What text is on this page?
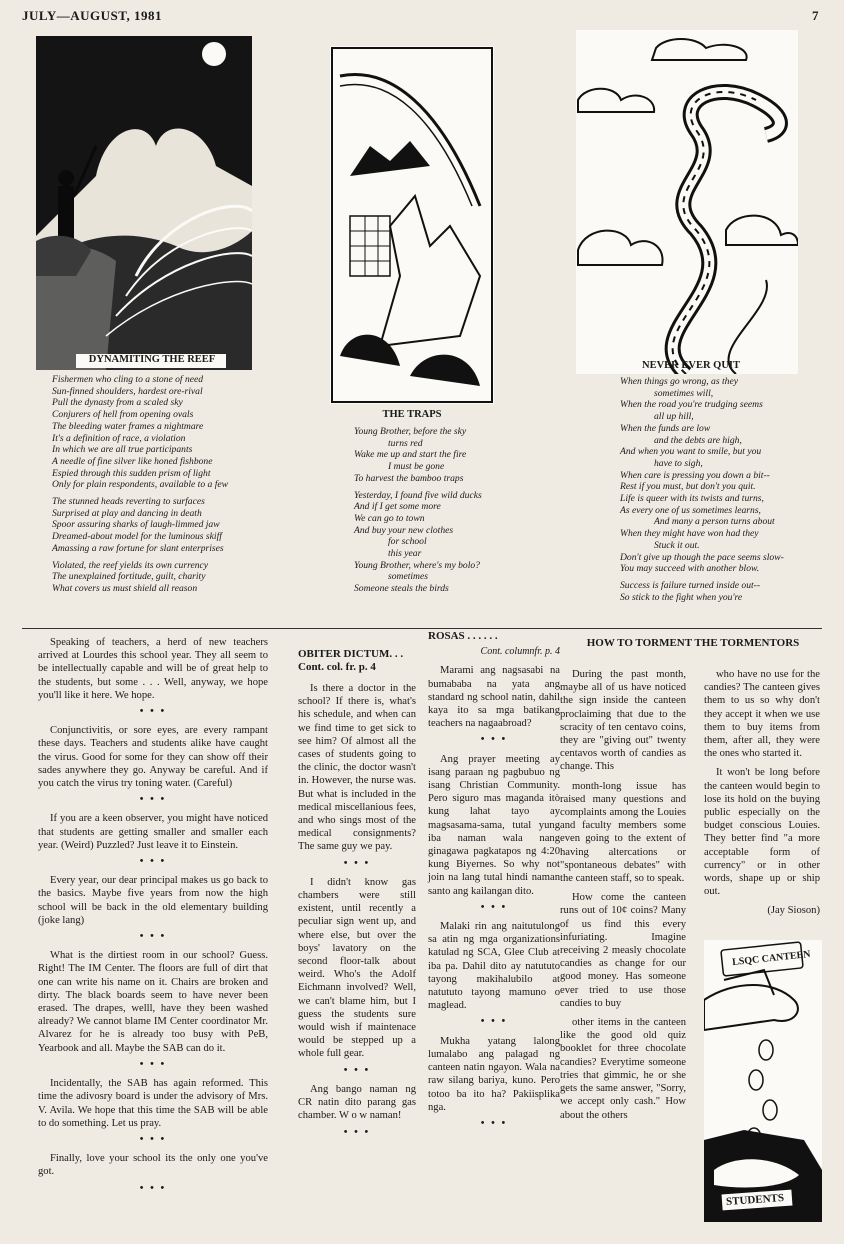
JULY—AUGUST, 1981	7
DYNAMITING THE REEF
Fishermen who cling to a stone of need
Sun-finned shoulders, hardest ore-rival
Pull the dynasty from a scaled sky
Conjurers of hell from opening ovals
The bleeding water frames a nightmare
It's a definition of race, a violation
In which we are all true participants
A needle of fine silver like honed fishbone
Espied through this sudden prism of light
Only for plain respondents, available to a few
The stunned heads reverting to surfaces
Surprised at play and dancing in death
Spoor assuring sharks of laugh-limmed jaw
Dreamed-about model for the luminous skiff
Amassing a raw fortune for slant enterprises
Violated, the reef yields its own currency
The unexplained fortitude, guilt, charity
What covers us must shield all reason
THE TRAPS
Young Brother, before the sky
turns red
Wake me up and start the fire
I must be gone
To harvest the bamboo traps
Yesterday, I found five wild ducks
And if I get some more
We can go to town
And buy your new clothes
for school
this year
Young Brother, where's my bolo?
sometimes
Someone steals the birds
NEVER EVER QUIT
When things go wrong, as they
sometimes will,
When the road you're trudging seems
all up hill,
When the funds are low
and the debts are high,
And when you want to smile, but you
have to sigh,
When care is pressing you down a bit--
Rest if you must, but don't you quit.
Life is queer with its twists and turns,
As every one of us sometimes learns,
And many a person turns about
When they might have won had they
Stuck it out.
Don't give up though the pace seems slow-
You may succeed with another blow.
Success is failure turned inside out--
So stick to the fight when you're

Speaking of teachers, a herd of new teachers arrived at Lourdes this school year. They all seem to be intellectually capable and will be of great help to the students, but some . . . Well, anyway, we hope you'll like it here. We hope.

• • •

Conjunctivitis, or sore eyes, are every rampant these days. Teachers and students alike have caught the virus. Good for some for they can show off their sades anywhere they go. Anyway be careful. And if you catch the virus try toning water. (Careful)

• • •

If you are a keen observer, you might have noticed that students are getting smaller and smaller each year. (Weird) Puzzled? Just leave it to Einstein.

• • •

Every year, our dear principal makes us go back to the basics. Maybe five years from now the high school will be back in the old elementary building (joke lang)

• • •

What is the dirtiest room in our school? Guess. Right! The IM Center. The floors are full of dirt that one can write his name on it. Chairs are broken and dirty. The black boards seem to have never been erased. The drapes, welll, have they been washed already? We cannot blame IM Center coordinator Mr. Alvarez for he is already too busy with PeB, Yearbook and all. Maybe the SAB can do it.

• • •

Incidentally, the SAB has again reformed. This time the adivosry board is under the advisory of Mrs. V. Avila. We hope that this time the SAB will be able to do something. Let us pray.

• • •

Finally, love your school its the only one you've got.

• • •

OBITER DICTUM. . .
Cont. col. fr. p. 4

Is there a doctor in the school? If there is, what's his schedule, and when can we find time to get sick to see him? Of almost all the cases of students going to the clinic, the doctor wasn't in. However, the nurse was. But what is included in the medical miscellanious fees, and who sings most of the medical consignments? The same guy we pay.

• • •

I didn't know gas chambers were still existent, until recently a peculiar sign went up, and where else, but over the boys' lavatory on the second floor-talk about weird. Who's the Adolf Eichmann involved? Well, we can't blame him, but I guess the students sure would wish if maintenace would be stepped up a whole full gear.

• • •

Ang bango naman ng CR natin dito parang gas chamber. W o w naman!

• • •

ROSAS . . . . . .
Cont. columnfr. p. 4

Marami ang nagsasabi na bumababa na yata ang standard ng school natin, dahil kaya ito sa mga batikang teachers na nagaabroad?

• • •

Ang prayer meeting ay isang paraan ng pagbubuo ng isang Christian Community. Pero siguro mas maganda itò kung lahat tayo ay magsasama-sama, tutal yung iba naman wala nang ginagawa pagkatapos ng 4:20 kung Biyernes. So why not join na lang tutal hindi naman santo ang kailangan dito.

• • •

Malaki rin ang naitutulong sa atin ng mga organizations katulad ng SCA, Glee Club at iba pa. Dahil dito ay natututo tayong makihalubilo at natututo tayong mamuno o maglead.

• • •

Mukha yatang lalong lumalabo ang palagad ng canteen natin ngayon. Wala na raw silang bariya, kuno. Pero totoo ba ito ha? Pakiisplika nga.

• • •

HOW TO TORMENT THE TORMENTORS

During the past month, maybe all of us have noticed the sign inside the canteen proclaiming that due to the scracity of ten centavo coins, they are "giving out" twenty centavos worth of candies as change. This

month-long issue has raised many questions and complaints among the Louies and faculty members some even going to the extent of having altercations or "spontaneous debates" with the canteen staff, so to speak.

How come the canteen runs out of 10¢ coins? Many of us find this every infuriating. Imagine receiving 2 measly chocolate candies as change for our good money. Has someone ever tried to use those candies to buy

other items in the canteen like the good old quiz booklet for three chocolate candies? Everytime someone tries that gimmic, he or she gets the same answer, "Sorry, we accept only cash." How about the others

who have no use for the candies? The canteen gives them to us so why don't they accept it when we use them to buy items from them, after all, they were the ones who started it.

It won't be long before the canteen would begin to lose its hold on the buying public especially on the budget conscious Louies. They better find "a more acceptable form of currency" or in other words, shape up or ship out.

(Jay Sioson)
LSQC CANTEEN
STUDENTS
